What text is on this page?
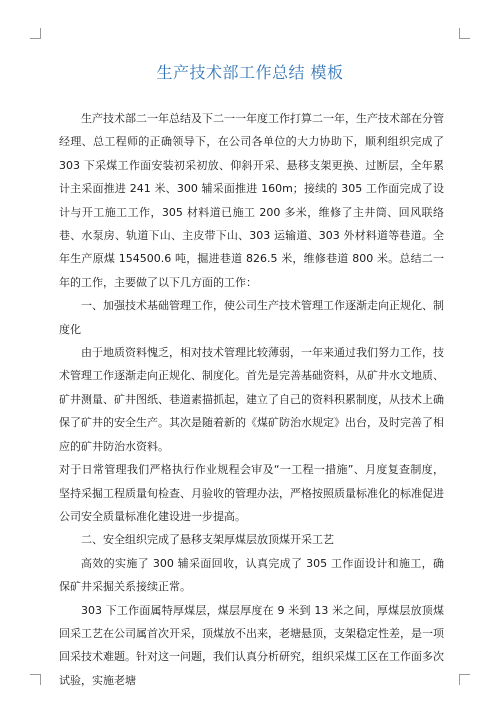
生产技术部工作总结 模板

生产技术部二一年总结及下二一一年度工作打算二一年，生产技术部在分管经理、总工程师的正确领导下，在公司各单位的大力协助下，顺利组织完成了 303 下采煤工作面安装初采初放、仰斜开采、悬移支架更换、过断层，全年累计主采面推进 241 米、300 辅采面推进 160m；接续的 305 工作面完成了设计与开工施工工作，305 材料道已施工 200 多米，维修了主井筒、回风联络巷、水泵房、轨道下山、主皮带下山、303 运输道、303 外材料道等巷道。全年生产原煤 154500.6 吨，掘进巷道 826.5 米，维修巷道 800 米。总结二一年的工作，主要做了以下几方面的工作：

一、加强技术基础管理工作，使公司生产技术管理工作逐渐走向正规化、制度化

由于地质资料愧乏，相对技术管理比较薄弱，一年来通过我们努力工作，技术管理工作逐渐走向正规化、制度化。首先是完善基础资料，从矿井水文地质、矿井测量、矿井图纸、巷道素描抓起，建立了自己的资料积累制度，从技术上确保了矿井的安全生产。其次是随着新的《煤矿防治水规定》出台，及时完善了相应的矿井防治水资料。

对于日常管理我们严格执行作业规程会审及“一工程一措施”、月度复查制度，坚持采掘工程质量旬检查、月验收的管理办法，严格按照质量标准化的标准促进公司安全质量标准化建设进一步提高。

二、安全组织完成了悬移支架厚煤层放顶煤开采工艺

高效的实施了 300 辅采面回收，认真完成了 305 工作面设计和施工，确保矿井采掘关系接续正常。

303 下工作面属特厚煤层，煤层厚度在 9 米到 13 米之间，厚煤层放顶煤回采工艺在公司属首次开采，顶煤放不出来，老塘悬顶，支架稳定性差，是一项回采技术难题。针对这一问题，我们认真分析研究，组织采煤工区在工作面多次试验，实施老塘
